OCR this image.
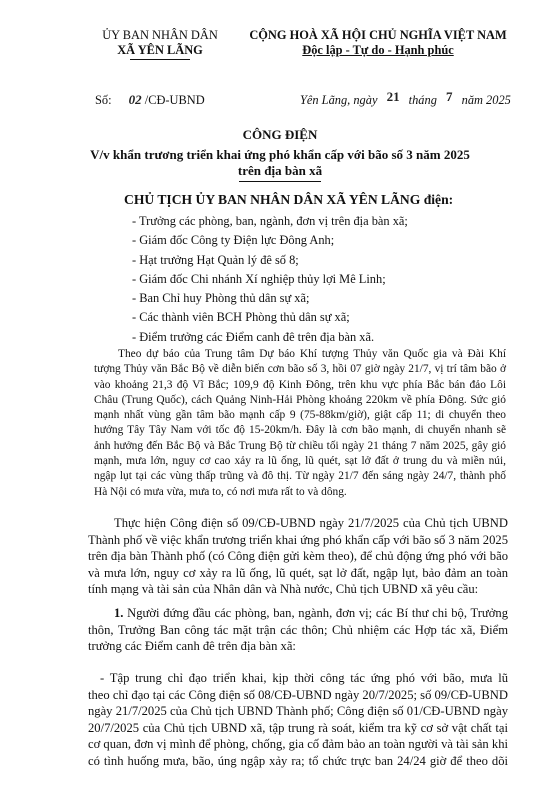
ỦY BAN NHÂN DÂN
XÃ YÊN LÃNG
CỘNG HOÀ XÃ HỘI CHỦ NGHĨA VIỆT NAM
Độc lập - Tự do - Hạnh phúc
Số: 02 /CĐ-UBND	Yên Lãng, ngày 21 tháng 7 năm 2025
CÔNG ĐIỆN
V/v khẩn trương triển khai ứng phó khẩn cấp với bão số 3 năm 2025
trên địa bàn xã
CHỦ TỊCH ỦY BAN NHÂN DÂN XÃ YÊN LÃNG điện:
- Trưởng các phòng, ban, ngành, đơn vị trên địa bàn xã;
- Giám đốc Công ty Điện lực Đông Anh;
- Hạt trưởng Hạt Quản lý đê số 8;
- Giám đốc Chi nhánh Xí nghiệp thủy lợi Mê Linh;
- Ban Chỉ huy Phòng thủ dân sự xã;
- Các thành viên BCH Phòng thủ dân sự xã;
- Điểm trưởng các Điểm canh đê trên địa bàn xã.
Theo dự báo của Trung tâm Dự báo Khí tượng Thủy văn Quốc gia và Đài Khí
tượng Thủy văn Bắc Bộ về diễn biến cơn bão số 3, hồi 07 giờ ngày 21/7, vị trí tâm bão ở
vào khoảng 21,3 độ Vĩ Bắc; 109,9 độ Kinh Đông, trên khu vực phía Bắc bán đảo Lôi
Châu (Trung Quốc), cách Quảng Ninh-Hải Phòng khoảng 220km về phía Đông. Sức gió
mạnh nhất vùng gần tâm bão mạnh cấp 9 (75-88km/giờ), giật cấp 11; di chuyển theo
hướng Tây Tây Nam với tốc độ 15-20km/h. Đây là cơn bão mạnh, di chuyển nhanh sẽ
ảnh hưởng đến Bắc Bộ và Bắc Trung Bộ từ chiều tối ngày 21 tháng 7 năm 2025, gây gió
mạnh, mưa lớn, nguy cơ cao xảy ra lũ ống, lũ quét, sạt lở đất ở trung du và miền núi,
ngập lụt tại các vùng thấp trũng và đô thị. Từ ngày 21/7 đến sáng ngày 24/7, thành phố
Hà Nội có mưa vừa, mưa to, có nơi mưa rất to và dông.
Thực hiện Công điện số 09/CĐ-UBND ngày 21/7/2025 của Chủ tịch UBND
Thành phố về việc khẩn trương triển khai ứng phó khẩn cấp với bão số 3 năm 2025
trên địa bàn Thành phố (có Công điện gửi kèm theo), để chủ động ứng phó với bão
và mưa lớn, nguy cơ xảy ra lũ ống, lũ quét, sạt lở đất, ngập lụt, bảo đảm an toàn
tính mạng và tài sản của Nhân dân và Nhà nước, Chủ tịch UBND xã yêu cầu:
1. Người đứng đầu các phòng, ban, ngành, đơn vị; các Bí thư chi bộ, Trưởng
thôn, Trưởng Ban công tác mặt trận các thôn; Chủ nhiệm các Hợp tác xã, Điểm
trưởng các Điểm canh đê trên địa bàn xã:
- Tập trung chỉ đạo triển khai, kịp thời công tác ứng phó với bão, mưa lũ
theo chỉ đạo tại các Công điện số 08/CĐ-UBND ngày 20/7/2025; số 09/CĐ-UBND
ngày 21/7/2025 của Chủ tịch UBND Thành phố; Công điện số 01/CĐ-UBND ngày
20/7/2025 của Chủ tịch UBND xã, tập trung rà soát, kiểm tra kỹ cơ sở vật chất tại
cơ quan, đơn vị mình để phòng, chống, gia cố đảm bảo an toàn người và tài sản khi
có tình huống mưa, bão, úng ngập xảy ra; tổ chức trực ban 24/24 giờ để theo dõi
